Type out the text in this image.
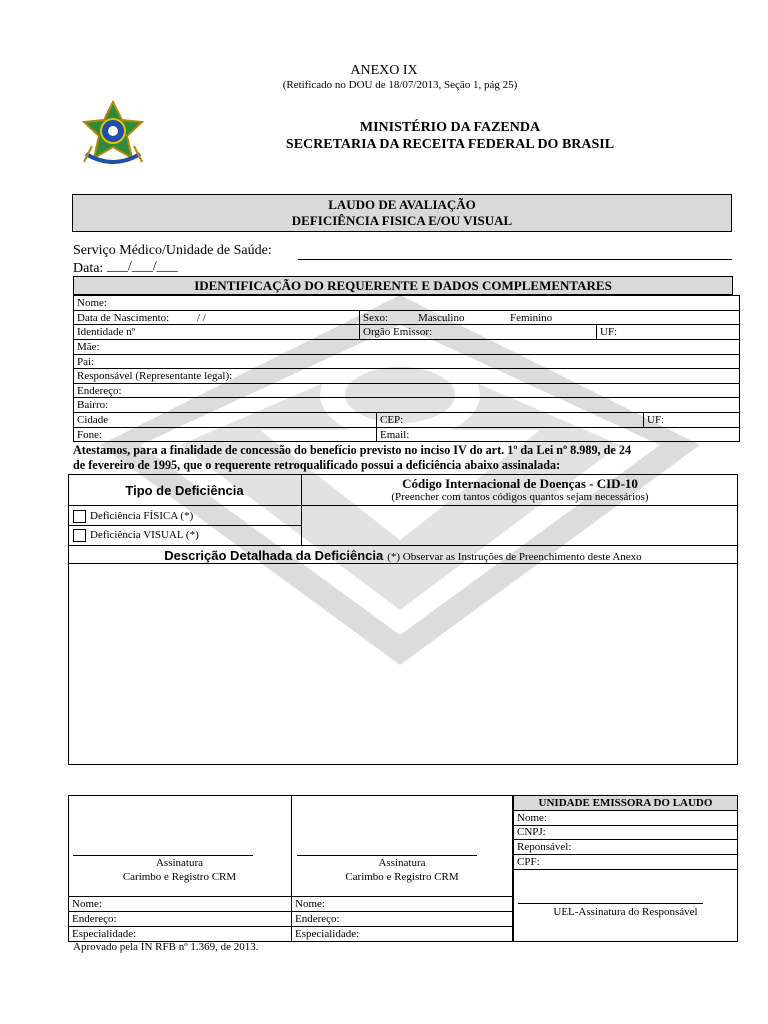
ANEXO IX
(Retificado no DOU de 18/07/2013, Seção 1, pág 25)
MINISTÉRIO DA FAZENDA
SECRETARIA DA RECEITA FEDERAL DO BRASIL
LAUDO DE AVALIAÇÃO
DEFICIÊNCIA FISICA E/OU VISUAL
Serviço Médico/Unidade de Saúde:
Data: ___/___/___
IDENTIFICAÇÃO DO REQUERENTE E DADOS COMPLEMENTARES
Nome:
Data de Nascimento:	/ /	Sexo:	Masculino	Feminino
Identidade nº	Orgão Emissor:	UF:
Mãe:
Pai:
Responsável (Representante legal):
Endereço:
Bairro:
Cidade	CEP:	UF:
Fone:	Email:
Atestamos, para a finalidade de concessão do benefício previsto no inciso IV do art. 1º da Lei nº 8.989, de 24
de fevereiro de 1995, que o requerente retroqualificado possui a deficiência abaixo assinalada:
Tipo de Deficiência	Código Internacional de Doenças - CID-10
(Preencher com tantos códigos quantos sejam necessários)
Deficiência FÍSICA (*)
Deficiência VISUAL (*)
Descrição Detalhada da Deficiência (*) Observar as Instruções de Preenchimento deste Anexo
Assinatura
Carimbo e Registro CRM
Assinatura
Carimbo e Registro CRM
Nome:
Endereço:
Especialidade:
Nome:
Endereço:
Especialidade:
UNIDADE EMISSORA DO LAUDO
Nome:
CNPJ:
Reponsável:
CPF:
UEL-Assinatura do Responsável
Aprovado pela IN RFB nº 1.369, de 2013.
